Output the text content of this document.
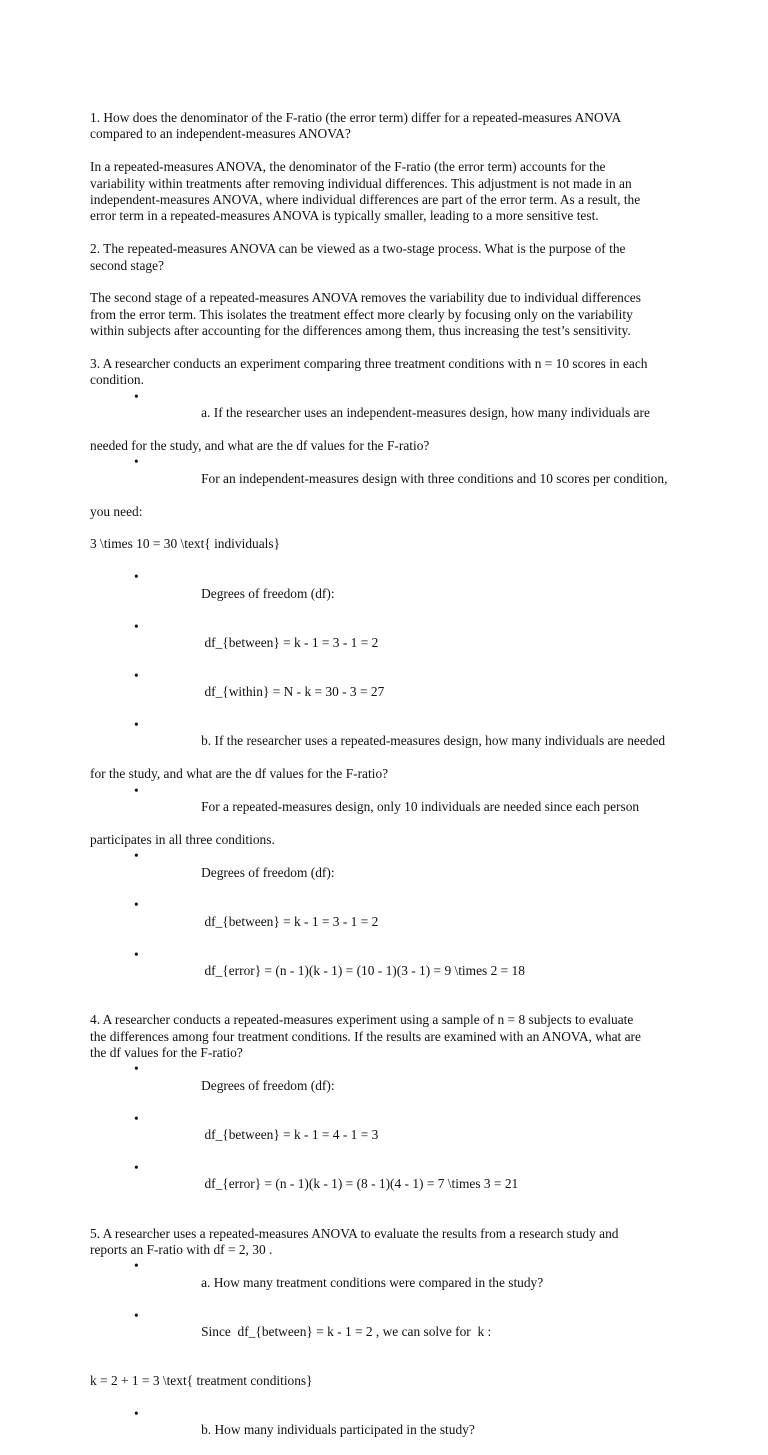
1. How does the denominator of the F-ratio (the error term) differ for a repeated-measures ANOVA
compared to an independent-measures ANOVA?
In a repeated-measures ANOVA, the denominator of the F-ratio (the error term) accounts for the
variability within treatments after removing individual differences. This adjustment is not made in an
independent-measures ANOVA, where individual differences are part of the error term. As a result, the
error term in a repeated-measures ANOVA is typically smaller, leading to a more sensitive test.
2. The repeated-measures ANOVA can be viewed as a two-stage process. What is the purpose of the
second stage?
The second stage of a repeated-measures ANOVA removes the variability due to individual differences
from the error term. This isolates the treatment effect more clearly by focusing only on the variability
within subjects after accounting for the differences among them, thus increasing the test’s sensitivity.
3. A researcher conducts an experiment comparing three treatment conditions with n = 10 scores in each
condition.

•
a. If the researcher uses an independent-measures design, how many individuals are

needed for the study, and what are the df values for the F-ratio?

•
For an independent-measures design with three conditions and 10 scores per condition,

you need:
3 \times 10 = 30 \text{ individuals}

•
Degrees of freedom (df):

•
df_{between} = k - 1 = 3 - 1 = 2

•
df_{within} = N - k = 30 - 3 = 27

•
b. If the researcher uses a repeated-measures design, how many individuals are needed

for the study, and what are the df values for the F-ratio?

•
For a repeated-measures design, only 10 individuals are needed since each person

participates in all three conditions.

•
Degrees of freedom (df):

•
df_{between} = k - 1 = 3 - 1 = 2

•
df_{error} = (n - 1)(k - 1) = (10 - 1)(3 - 1) = 9 \times 2 = 18

4. A researcher conducts a repeated-measures experiment using a sample of n = 8 subjects to evaluate
the differences among four treatment conditions. If the results are examined with an ANOVA, what are
the df values for the F-ratio?

•
Degrees of freedom (df):

•
df_{between} = k - 1 = 4 - 1 = 3

•
df_{error} = (n - 1)(k - 1) = (8 - 1)(4 - 1) = 7 \times 3 = 21

5. A researcher uses a repeated-measures ANOVA to evaluate the results from a research study and
reports an F-ratio with df = 2, 30 .

•
a. How many treatment conditions were compared in the study?

•
Since  df_{between} = k - 1 = 2 , we can solve for  k :

k = 2 + 1 = 3 \text{ treatment conditions}

•
b. How many individuals participated in the study?
